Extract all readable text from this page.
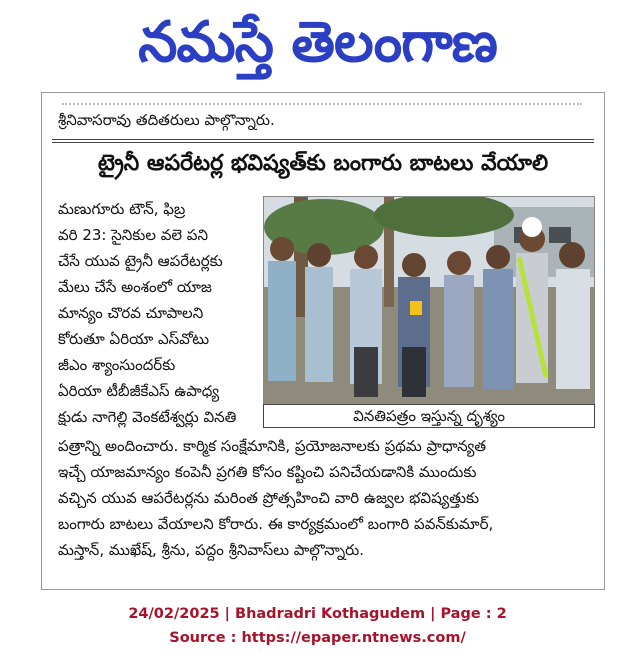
నమస్తే తెలంగాణ
శ్రీనివాసరావు తదితరులు పాల్గొన్నారు.
ట్రైనీ ఆపరేటర్ల భవిష్యత్‌కు బంగారు బాటలు వేయాలి
మణుగూరు టౌన్‌, ఫిబ్ర
వరి 23: సైనికుల వలె పని
చేసే యువ ట్రైనీ ఆపరేటర్లకు
మేలు చేసే అంశంలో యాజ
మాన్యం చొరవ చూపాలని
కోరుతూ ఏరియా ఎస్‌వోటు
జీఎం శ్యాంసుందర్‌కు
ఏరియా టీబీజీకేఎస్‌ ఉపాధ్య
క్షుడు నాగెల్లి వెంకటేశ్వర్లు వినతి	వినతిపత్రం ఇస్తున్న దృశ్యం
పత్రాన్ని అందించారు. కార్మిక సంక్షేమానికి, ప్రయోజనాలకు ప్రథమ ప్రాధాన్యత
ఇచ్చే యాజమాన్యం కంపెనీ ప్రగతి కోసం కష్టించి పనిచేయడానికి ముందుకు
వచ్చిన యువ ఆపరేటర్లను మరింత ప్రోత్సహించి వారి ఉజ్వల భవిష్యత్తుకు
బంగారు బాటలు వేయాలని కోరారు. ఈ కార్యక్రమంలో బంగారి పవన్‌కుమార్‌,
మస్తాన్‌, ముఖేష్‌, శ్రీను, పద్దం శ్రీనివాస్‌లు పాల్గొన్నారు.
24/02/2025 | Bhadradri Kothagudem | Page : 2
Source : https://epaper.ntnews.com/
